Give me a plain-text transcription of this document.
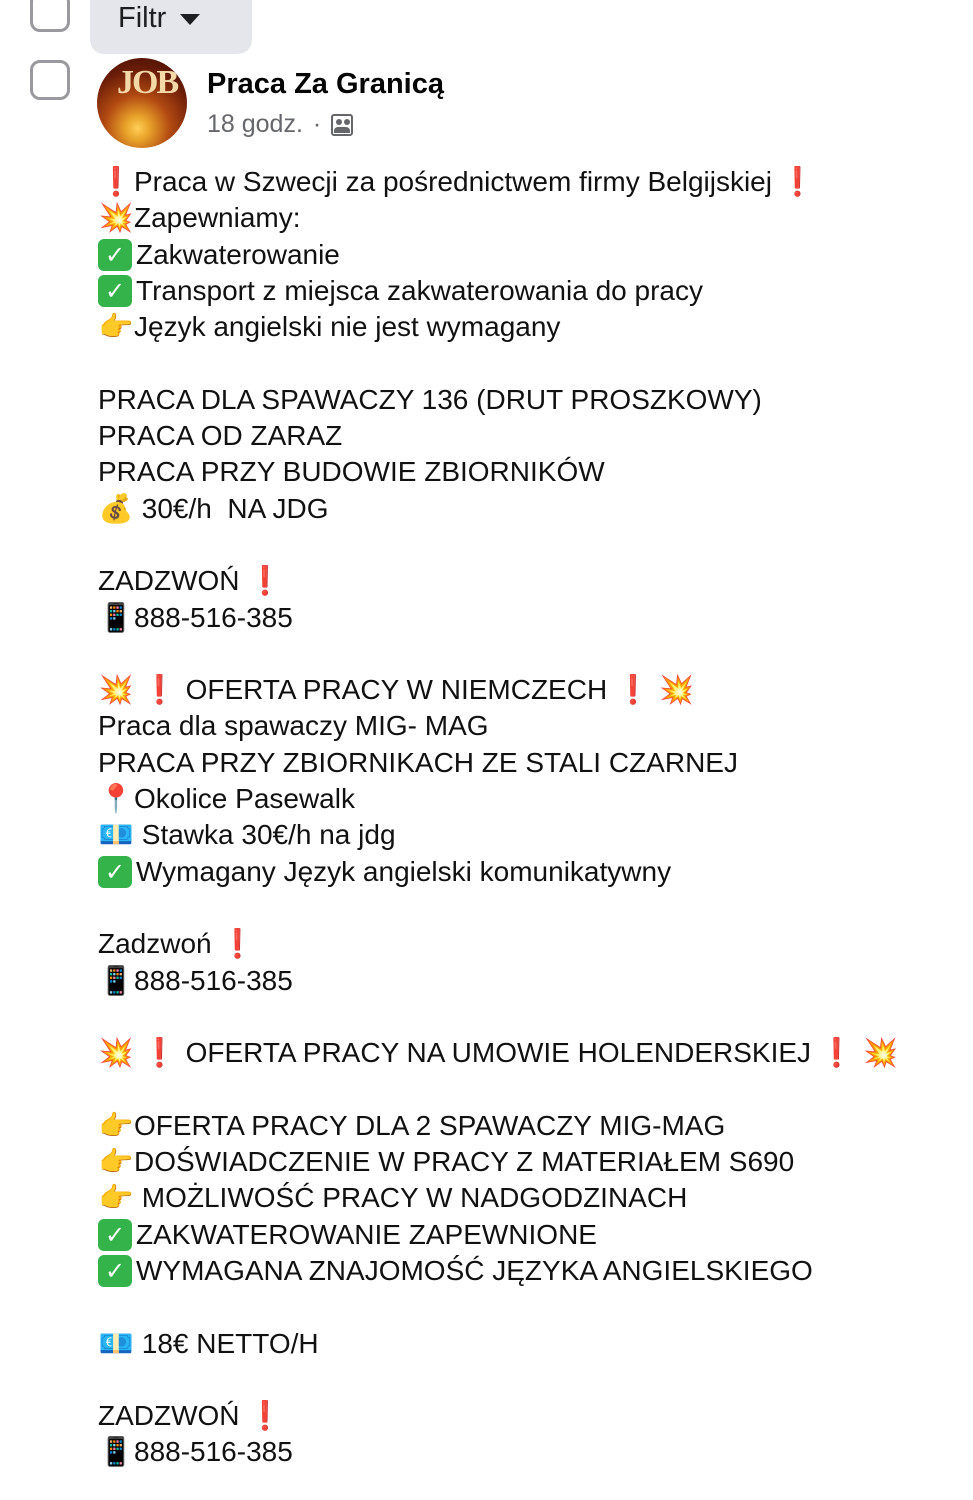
Filtr
JOB Praca Za Granicą
18 godz. ·
❗Praca w Szwecji za pośrednictwem firmy Belgijskiej ❗
💥Zapewniamy:
✓ Zakwaterowanie
✓ Transport z miejsca zakwaterowania do pracy
👉Język angielski nie jest wymagany
PRACA DLA SPAWACZY 136 (DRUT PROSZKOWY)
PRACA OD ZARAZ
PRACA PRZY BUDOWIE ZBIORNIKÓW
💰 30€/h  NA JDG
ZADZWOŃ ❗
📱888-516-385
💥 ❗ OFERTA PRACY W NIEMCZECH ❗ 💥
Praca dla spawaczy MIG- MAG
PRACA PRZY ZBIORNIKACH ZE STALI CZARNEJ
📍Okolice Pasewalk
💶 Stawka 30€/h na jdg
✓ Wymagany Język angielski komunikatywny
Zadzwoń ❗
📱888-516-385
💥 ❗ OFERTA PRACY NA UMOWIE HOLENDERSKIEJ ❗ 💥
👉OFERTA PRACY DLA 2 SPAWACZY MIG-MAG
👉DOŚWIADCZENIE W PRACY Z MATERIAŁEM S690
👉 MOŻLIWOŚĆ PRACY W NADGODZINACH
✓ ZAKWATEROWANIE ZAPEWNIONE
✓ WYMAGANA ZNAJOMOŚĆ JĘZYKA ANGIELSKIEGO
💶 18€ NETTO/H
ZADZWOŃ ❗
📱888-516-385
